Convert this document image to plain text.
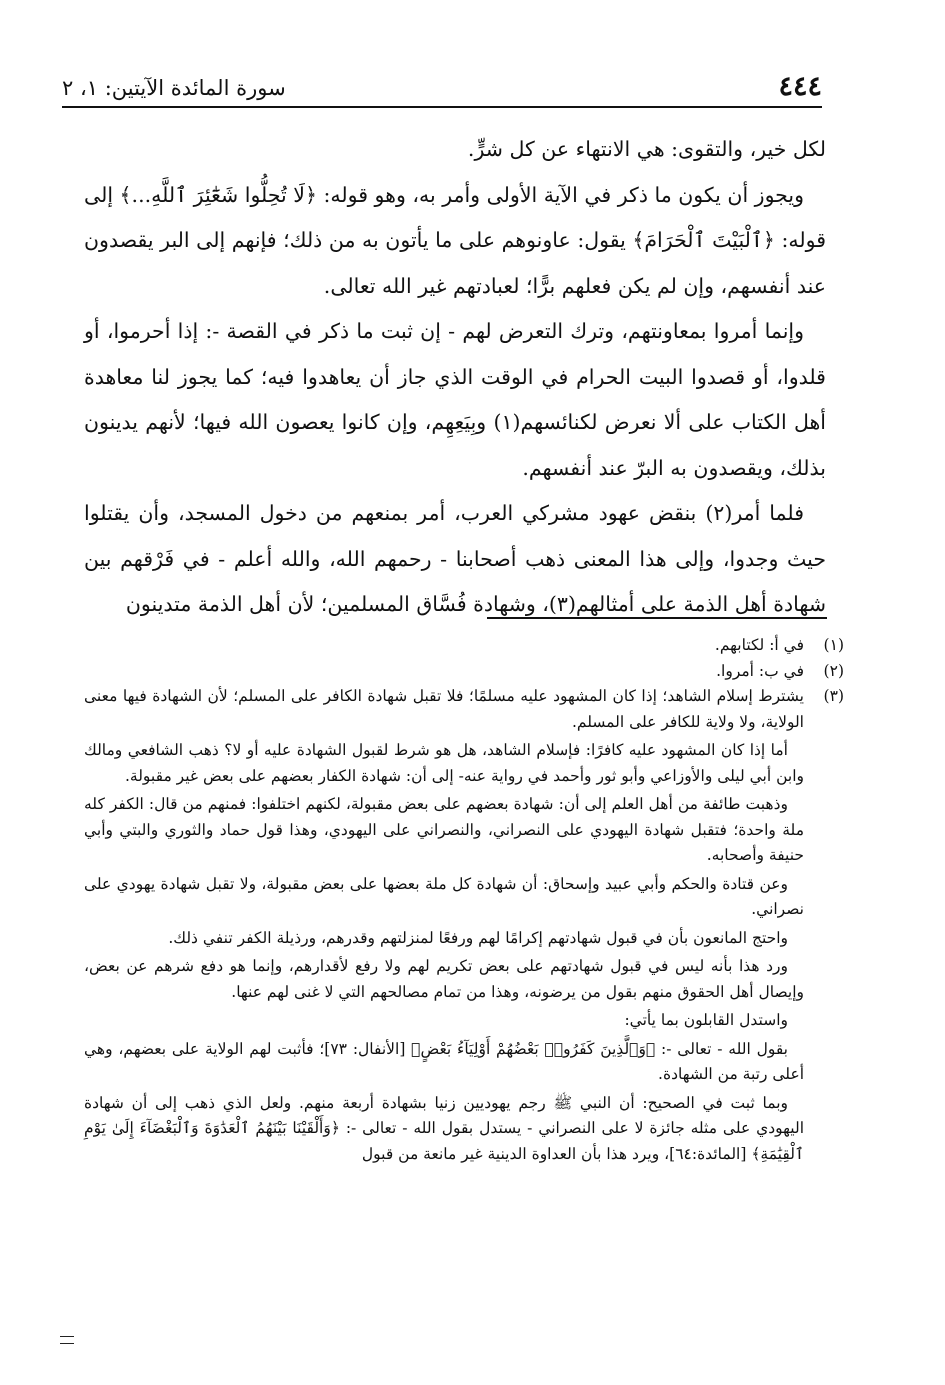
٤٤٤
سورة المائدة الآيتين: ١، ٢

لكل خير، والتقوى: هي الانتهاء عن كل شرٍّ.

ويجوز أن يكون ما ذكر في الآية الأولى وأمر به، وهو قوله: ﴿لَا تُحِلُّوا شَعَٰٓئِرَ ٱللَّهِ...﴾ إلى قوله: ﴿ٱلْبَيْتَ ٱلْحَرَامَ﴾ يقول: عاونوهم على ما يأتون به من ذلك؛ فإنهم إلى البر يقصدون عند أنفسهم، وإن لم يكن فعلهم برًّا؛ لعبادتهم غير الله تعالى.

وإنما أمروا بمعاونتهم، وترك التعرض لهم - إن ثبت ما ذكر في القصة -: إذا أحرموا، أو قلدوا، أو قصدوا البيت الحرام في الوقت الذي جاز أن يعاهدوا فيه؛ كما يجوز لنا معاهدة أهل الكتاب على ألا نعرض لكنائسهم(١) وبِيَعِهِم، وإن كانوا يعصون الله فيها؛ لأنهم يدينون بذلك، ويقصدون به البرّ عند أنفسهم.

فلما أمر(٢) بنقض عهود مشركي العرب، أمر بمنعهم من دخول المسجد، وأن يقتلوا حيث وجدوا، وإلى هذا المعنى ذهب أصحابنا - رحمهم الله، والله أعلم - في فَرْقهم بين شهادة أهل الذمة على أمثالهم(٣)، وشهادة فُسَّاق المسلمين؛ لأن أهل الذمة متدينون

(١)

في أ: لكتابهم.

(٢)

في ب: أمروا.

(٣)

يشترط إسلام الشاهد؛ إذا كان المشهود عليه مسلمًا؛ فلا تقبل شهادة الكافر على المسلم؛ لأن الشهادة فيها معنى الولاية، ولا ولاية للكافر على المسلم.

أما إذا كان المشهود عليه كافرًا: فإسلام الشاهد، هل هو شرط لقبول الشهادة عليه أو لا؟ ذهب الشافعي ومالك وابن أبي ليلى والأوزاعي وأبو ثور وأحمد في رواية عنه- إلى أن: شهادة الكفار بعضهم على بعض غير مقبولة.

وذهبت طائفة من أهل العلم إلى أن: شهادة بعضهم على بعض مقبولة، لكنهم اختلفوا: فمنهم من قال: الكفر كله ملة واحدة؛ فتقبل شهادة اليهودي على النصراني، والنصراني على اليهودي، وهذا قول حماد والثوري والبتي وأبي حنيفة وأصحابه.

وعن قتادة والحكم وأبي عبيد وإسحاق: أن شهادة كل ملة بعضها على بعض مقبولة، ولا تقبل شهادة يهودي على نصراني.

واحتج المانعون بأن في قبول شهادتهم إكرامًا لهم ورفعًا لمنزلتهم وقدرهم، ورذيلة الكفر تنفي ذلك.

ورد هذا بأنه ليس في قبول شهادتهم على بعض تكريم لهم ولا رفع لأقدارهم، وإنما هو دفع شرهم عن بعض، وإيصال أهل الحقوق منهم بقول من يرضونه، وهذا من تمام مصالحهم التي لا غنى لهم عنها.

واستدل القابلون بما يأتي:

بقول الله - تعالى -: ﴿وَٱلَّذِينَ كَفَرُوا۟ بَعْضُهُمْ أَوْلِيَآءُ بَعْضٍ﴾ [الأنفال: ٧٣]؛ فأثبت لهم الولاية على بعضهم، وهي أعلى رتبة من الشهادة.

وبما ثبت في الصحيح: أن النبي ﷺ رجم يهوديين زنيا بشهادة أربعة منهم. ولعل الذي ذهب إلى أن شهادة اليهودي على مثله جائزة لا على النصراني - يستدل بقول الله - تعالى -: ﴿وَأَلْقَيْنَا بَيْنَهُمُ ٱلْعَدَٰوَةَ وَٱلْبَغْضَآءَ إِلَىٰ يَوْمِ ٱلْقِيَٰمَةِ﴾ [المائدة:٦٤]، ويرد هذا بأن العداوة الدينية غير مانعة من قبول
